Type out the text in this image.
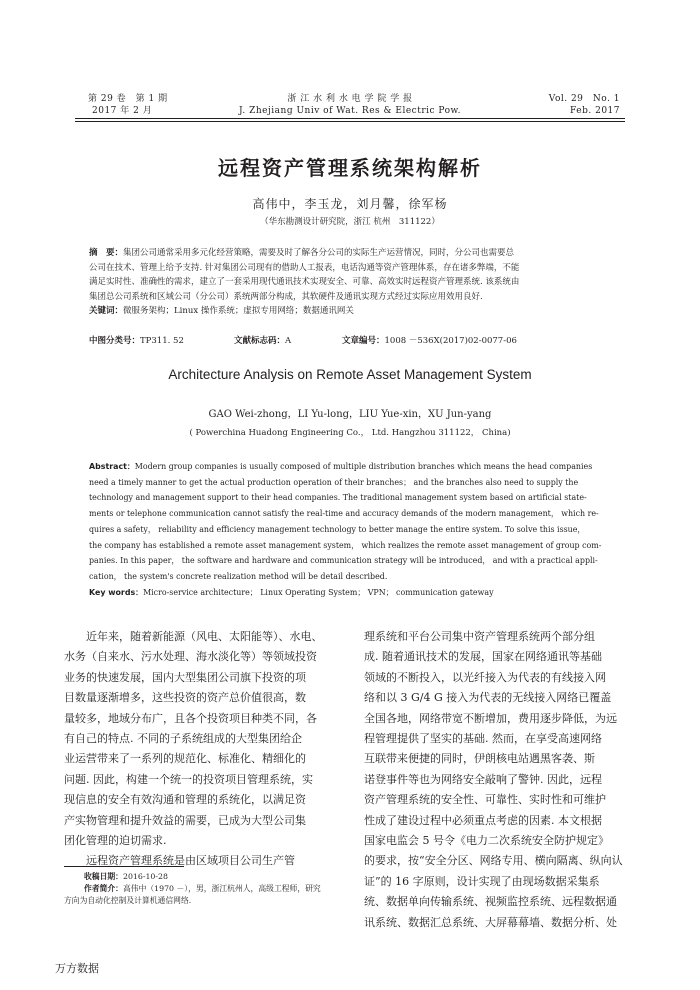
第 29 卷　第 1 期
2017 年 2 月
浙 江 水 利 水 电 学 院 学 报
J. Zhejiang Univ of Wat. Res & Electric Pow.
Vol. 29　No. 1
Feb. 2017
远程资产管理系统架构解析
高伟中，李玉龙，刘月馨，徐军杨
（华东勘测设计研究院，浙江 杭州　311122）
摘　要：集团公司通常采用多元化经营策略，需要及时了解各分公司的实际生产运营情况，同时，分公司也需要总
公司在技术、管理上给予支持. 针对集团公司现有的借助人工报表，电话沟通等资产管理体系，存在诸多弊端，不能
满足实时性、准确性的需求，建立了一套采用现代通讯技术实现安全、可靠、高效实时远程资产管理系统. 该系统由
集团总公司系统和区域公司（分公司）系统两部分构成，其软硬件及通讯实现方式经过实际应用效用良好.
关键词：微服务架构；Linux 操作系统；虚拟专用网络；数据通讯网关
中图分类号：TP311. 52	文献标志码：A	文章编号：1008 －536X(2017)02-0077-06
Architecture Analysis on Remote Asset Management System
GAO Wei-zhong，LI Yu-long，LIU Yue-xin，XU Jun-yang
( Powerchina Huadong Engineering Co.， Ltd. Hangzhou 311122， China)
Abstract：Modern group companies is usually composed of multiple distribution branches which means the head companies
need a timely manner to get the actual production operation of their branches； and the branches also need to supply the
technology and management support to their head companies. The traditional management system based on artificial state-
ments or telephone communication cannot satisfy the real-time and accuracy demands of the modern management， which re-
quires a safety， reliability and efficiency management technology to better manage the entire system. To solve this issue，
the company has established a remote asset management system， which realizes the remote asset management of group com-
panies. In this paper， the software and hardware and communication strategy will be introduced， and with a practical appli-
cation， the system's concrete realization method will be detail described.
Key words：Micro-service architecture； Linux Operating System； VPN； communication gateway

　　近年来，随着新能源（风电、太阳能等）、水电、

水务（自来水、污水处理、海水淡化等）等领域投资

业务的快速发展，国内大型集团公司旗下投资的项

目数量逐渐增多，这些投资的资产总价值很高，数

量较多，地域分布广，且各个投资项目种类不同，各

有自己的特点. 不同的子系统组成的大型集团给企

业运营带来了一系列的规范化、标准化、精细化的

问题. 因此，构建一个统一的投资项目管理系统，实

现信息的安全有效沟通和管理的系统化，以满足资

产实物管理和提升效益的需要，已成为大型公司集

团化管理的迫切需求.

　　远程资产管理系统是由区域项目公司生产管

收稿日期：2016-10-28
作者简介：高伟中（1970 －），男，浙江杭州人，高级工程师，研究
方向为自动化控制及计算机通信网络.

理系统和平台公司集中资产管理系统两个部分组

成. 随着通讯技术的发展，国家在网络通讯等基础

领域的不断投入，以光纤接入为代表的有线接入网

络和以 3 G/4 G 接入为代表的无线接入网络已覆盖

全国各地，网络带宽不断增加，费用逐步降低，为远

程管理提供了坚实的基础. 然而，在享受高速网络

互联带来便捷的同时，伊朗核电站遇黑客袭、斯

诺登事件等也为网络安全敲响了警钟. 因此，远程

资产管理系统的安全性、可靠性、实时性和可维护

性成了建设过程中必须重点考虑的因素. 本文根据

国家电监会 5 号令《电力二次系统安全防护规定》

的要求，按“安全分区、网络专用、横向隔离、纵向认

证”的 16 字原则，设计实现了由现场数据采集系

统、数据单向传输系统、视频监控系统、远程数据通

讯系统、数据汇总系统、大屏幕幕墙、数据分析、处

万方数据
